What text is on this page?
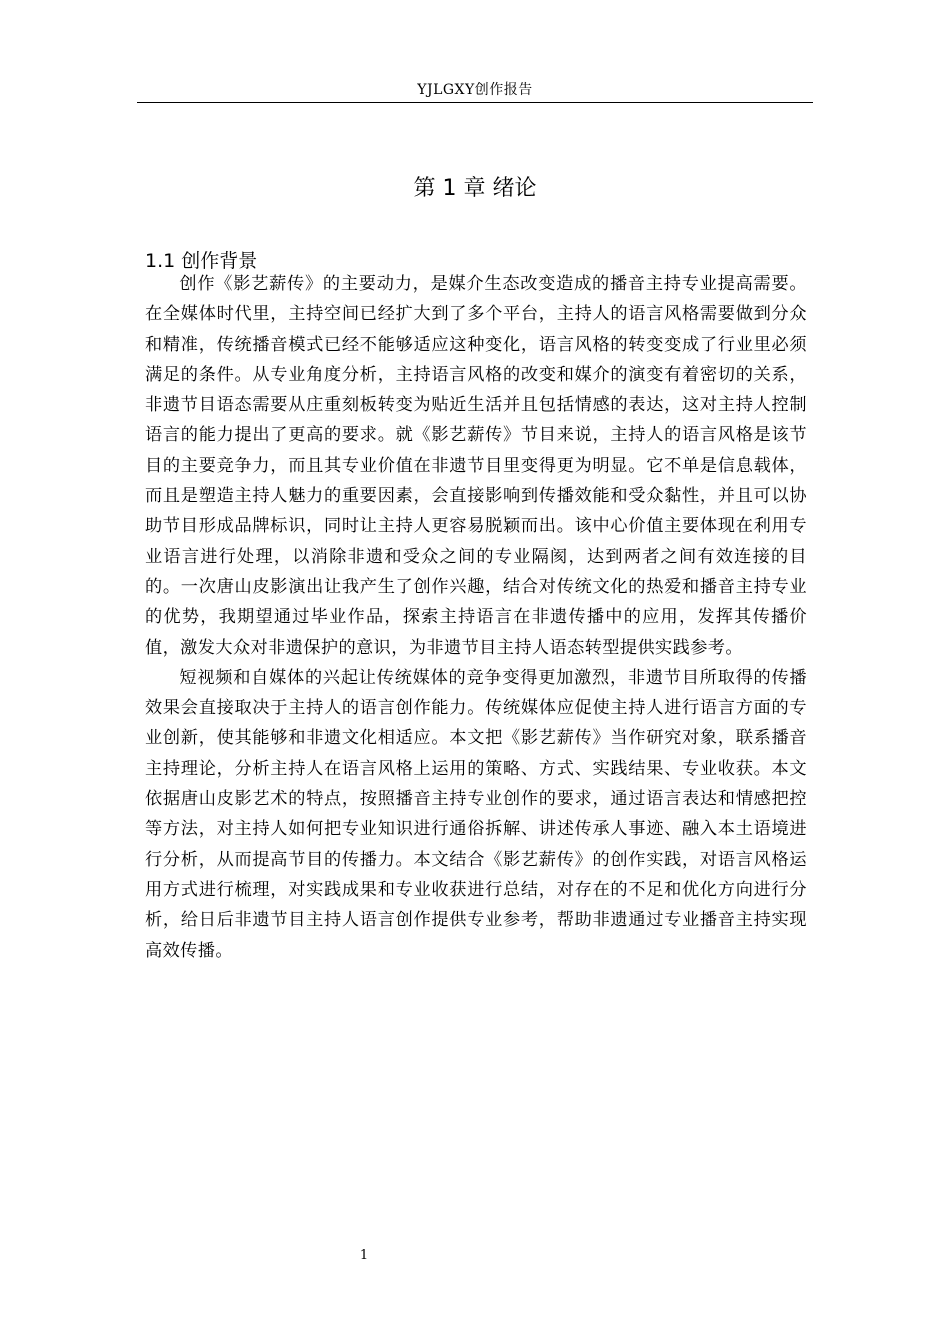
YJLGXY创作报告
第 1 章 绪论
1.1 创作背景

创作《影艺薪传》的主要动力，是媒介生态改变造成的播音主持专业提高需要。在全媒体时代里，主持空间已经扩大到了多个平台，主持人的语言风格需要做到分众和精准，传统播音模式已经不能够适应这种变化，语言风格的转变变成了行业里必须满足的条件。从专业角度分析，主持语言风格的改变和媒介的演变有着密切的关系，非遗节目语态需要从庄重刻板转变为贴近生活并且包括情感的表达，这对主持人控制语言的能力提出了更高的要求。就《影艺薪传》节目来说，主持人的语言风格是该节目的主要竞争力，而且其专业价值在非遗节目里变得更为明显。它不单是信息载体，而且是塑造主持人魅力的重要因素，会直接影响到传播效能和受众黏性，并且可以协助节目形成品牌标识，同时让主持人更容易脱颖而出。该中心价值主要体现在利用专业语言进行处理，以消除非遗和受众之间的专业隔阂，达到两者之间有效连接的目的。一次唐山皮影演出让我产生了创作兴趣，结合对传统文化的热爱和播音主持专业的优势，我期望通过毕业作品，探索主持语言在非遗传播中的应用，发挥其传播价值，激发大众对非遗保护的意识，为非遗节目主持人语态转型提供实践参考。

短视频和自媒体的兴起让传统媒体的竞争变得更加激烈，非遗节目所取得的传播效果会直接取决于主持人的语言创作能力。传统媒体应促使主持人进行语言方面的专业创新，使其能够和非遗文化相适应。本文把《影艺薪传》当作研究对象，联系播音主持理论，分析主持人在语言风格上运用的策略、方式、实践结果、专业收获。本文依据唐山皮影艺术的特点，按照播音主持专业创作的要求，通过语言表达和情感把控等方法，对主持人如何把专业知识进行通俗拆解、讲述传承人事迹、融入本土语境进行分析，从而提高节目的传播力。本文结合《影艺薪传》的创作实践，对语言风格运用方式进行梳理，对实践成果和专业收获进行总结，对存在的不足和优化方向进行分析，给日后非遗节目主持人语言创作提供专业参考，帮助非遗通过专业播音主持实现高效传播。

1
